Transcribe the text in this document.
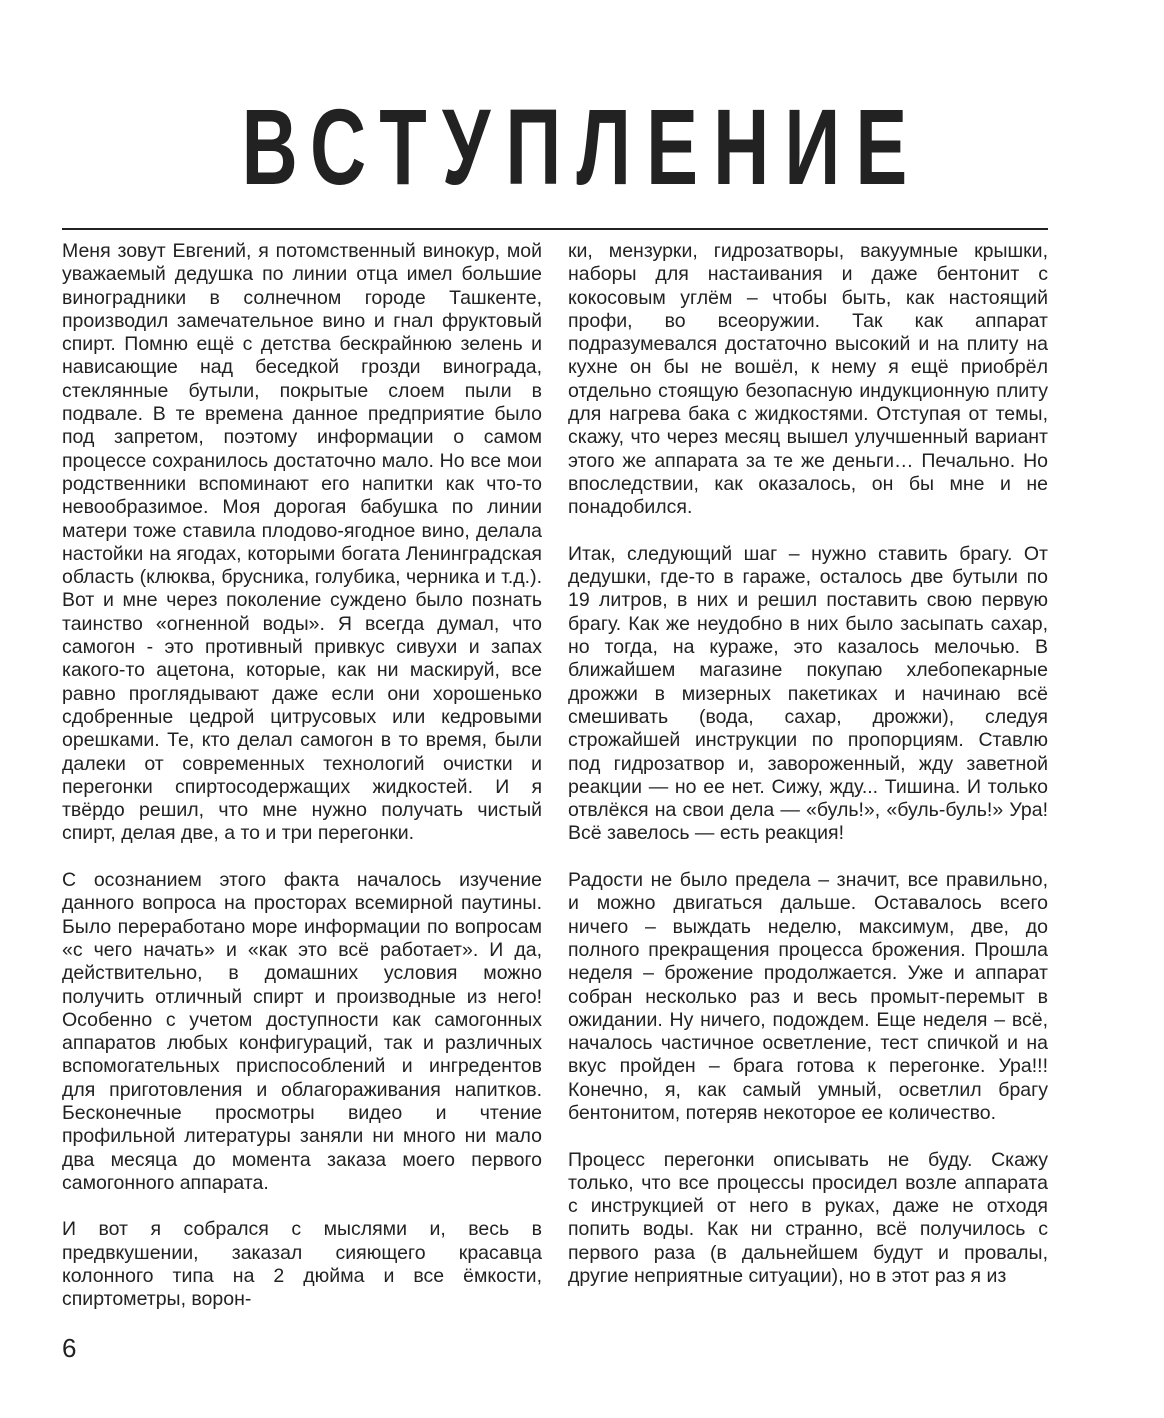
ВСТУПЛЕНИЕ

Меня зовут Евгений, я потомственный винокур, мой уважаемый дедушка по линии отца имел большие виноградники в солнечном городе Ташкенте, производил замечательное вино и гнал фруктовый спирт. Помню ещё с детства бескрайнюю зелень и нависающие над беседкой грозди винограда, стеклянные бутыли, покрытые слоем пыли в подвале. В те времена данное предприятие было под запретом, поэтому информации о самом процессе сохранилось достаточно мало. Но все мои родственники вспоминают его напитки как что-то невообразимое. Моя дорогая бабушка по линии матери тоже ставила плодово-ягодное вино, делала настойки на ягодах, которыми богата Ленинградская область (клюква, брусника, голубика, черника и т.д.). Вот и мне через поколение суждено было познать таинство «огненной воды». Я всегда думал, что самогон - это противный привкус сивухи и запах какого-то ацетона, которые, как ни маскируй, все равно проглядывают даже если они хорошенько сдобренные цедрой цитрусовых или кедровыми орешками. Те, кто делал самогон в то время, были далеки от современных технологий очистки и перегонки спиртосодержащих жидкостей. И я твёрдо решил, что мне нужно получать чистый спирт, делая две, а то и три перегонки.

С осознанием этого факта началось изучение данного вопроса на просторах всемирной паутины. Было переработано море информации по вопросам «с чего начать» и «как это всё работает». И да, действительно, в домашних условия можно получить отличный спирт и производные из него! Особенно с учетом доступности как самогонных аппаратов любых конфигураций, так и различных вспомогательных приспособлений и ингредентов для приготовления и облагораживания напитков. Бесконечные просмотры видео и чтение профильной литературы заняли ни много ни мало два месяца до момента заказа моего первого самогонного аппарата.

И вот я собрался с мыслями и, весь в предвкушении, заказал сияющего красавца колонного типа на 2 дюйма и все ёмкости, спиртометры, ворон-

ки, мензурки, гидрозатворы, вакуумные крышки, наборы для настаивания и даже бентонит с кокосовым углём – чтобы быть, как настоящий профи, во всеоружии. Так как аппарат подразумевался достаточно высокий и на плиту на кухне он бы не вошёл, к нему я ещё приобрёл отдельно стоящую безопасную индукционную плиту для нагрева бака с жидкостями. Отступая от темы, скажу, что через месяц вышел улучшенный вариант этого же аппарата за те же деньги… Печально. Но впоследствии, как оказалось, он бы мне и не понадобился.

Итак, следующий шаг – нужно ставить брагу. От дедушки, где-то в гараже, осталось две бутыли по 19 литров, в них и решил поставить свою первую брагу. Как же неудобно в них было засыпать сахар, но тогда, на кураже, это казалось мелочью. В ближайшем магазине покупаю хлебопекарные дрожжи в мизерных пакетиках и начинаю всё смешивать (вода, сахар, дрожжи), следуя строжайшей инструкции по пропорциям. Ставлю под гидрозатвор и, завороженный, жду заветной реакции — но ее нет. Сижу, жду... Тишина. И только отвлёкся на свои дела — «буль!», «буль-буль!» Ура! Всё завелось — есть реакция!

Радости не было предела – значит, все правильно, и можно двигаться дальше. Оставалось всего ничего – выждать неделю, максимум, две, до полного прекращения процесса брожения. Прошла неделя – брожение продолжается. Уже и аппарат собран несколько раз и весь промыт-перемыт в ожидании. Ну ничего, подождем. Еще неделя – всё, началось частичное осветление, тест спичкой и на вкус пройден – брага готова к перегонке. Ура!!! Конечно, я, как самый умный, осветлил брагу бентонитом, потеряв некоторое ее количество.

Процесс перегонки описывать не буду. Скажу только, что все процессы просидел возле аппарата с инструкцией от него в руках, даже не отходя попить воды. Как ни странно, всё получилось с первого раза (в дальнейшем будут и провалы, другие неприятные ситуации), но в этот раз я из

6
